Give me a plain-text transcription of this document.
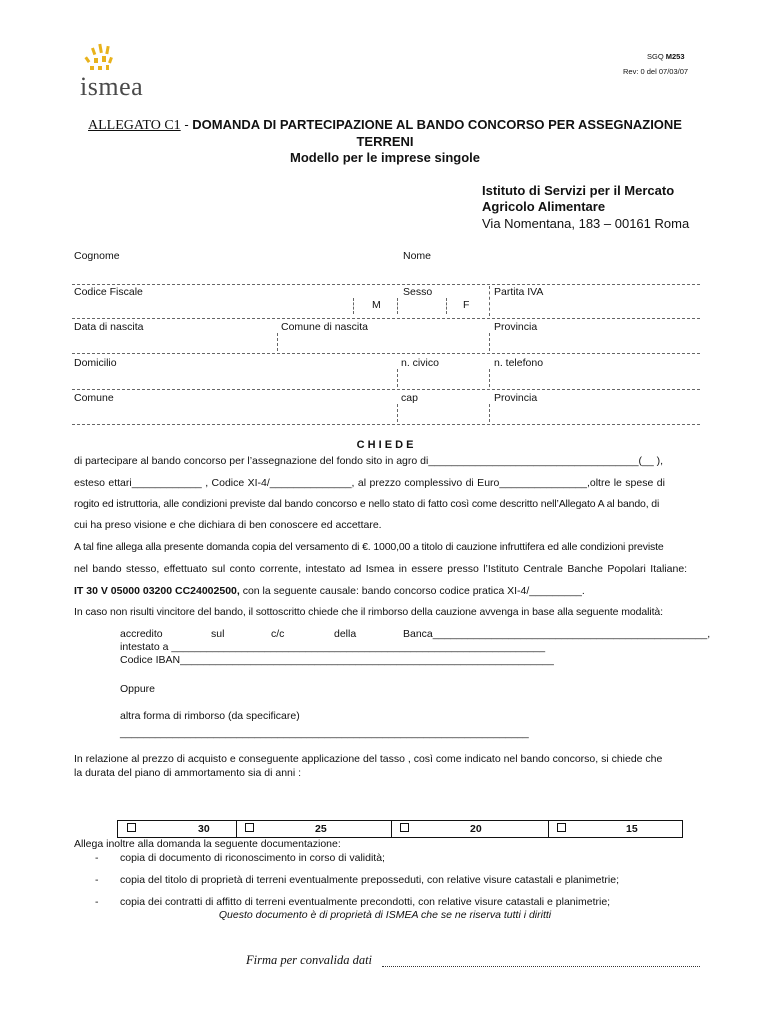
ismea
SGQ M253
Rev: 0 del 07/03/07
ALLEGATO C1 - DOMANDA DI PARTECIPAZIONE AL BANDO CONCORSO PER ASSEGNAZIONE
TERRENI
Modello per le imprese singole
Istituto di Servizi per il Mercato
Agricolo Alimentare
Via Nomentana, 183 – 00161 Roma
Cognome	Nome
Codice Fiscale	Sesso	Partita IVA
M	F
Data di nascita	Comune di nascita	Provincia
Domicilio	n. civico	n. telefono
Comune	cap	Provincia
C H I E D E
di partecipare al bando concorso per l’assegnazione del fondo sito in agro di____________________________________(__ ),
esteso ettari____________ , Codice XI-4/______________, al prezzo complessivo di Euro_______________,oltre le spese di
rogito ed istruttoria, alle condizioni previste dal bando concorso e nello stato di fatto così come descritto nell’Allegato A al bando, di
cui ha preso visione e che dichiara di ben conoscere ed accettare.
A tal fine allega alla presente domanda copia del versamento di €. 1000,00 a titolo di cauzione infruttifera ed alle condizioni previste
nel bando stesso, effettuato sul conto corrente, intestato ad Ismea in essere presso l’Istituto Centrale Banche Popolari Italiane:
IT 30 V 05000 03200 CC24002500, con la seguente causale: bando concorso codice pratica XI-4/_________.
In caso non risulti vincitore del bando, il sottoscritto chiede che il rimborso della cauzione avvenga in base alla seguente modalità:
accredito	sul	c/c	della	Banca_______________________________________________,
intestato a ________________________________________________________________
Codice IBAN________________________________________________________________
Oppure
altra forma di rimborso (da specificare)
______________________________________________________________________
In relazione al prezzo di acquisto e conseguente applicazione del tasso , così come indicato nel bando concorso, si chiede che
la durata del piano di ammortamento sia di anni :
30	25	20	15
Allega inoltre alla domanda la seguente documentazione:
- copia di documento di riconoscimento in corso di validità;
- copia del titolo di proprietà di terreni eventualmente preposseduti, con relative visure catastali e planimetrie;
- copia dei contratti di affitto di terreni eventualmente precondotti, con relative visure catastali e planimetrie;
Questo documento è di proprietà di ISMEA che se ne riserva tutti i diritti
Firma per convalida dati
